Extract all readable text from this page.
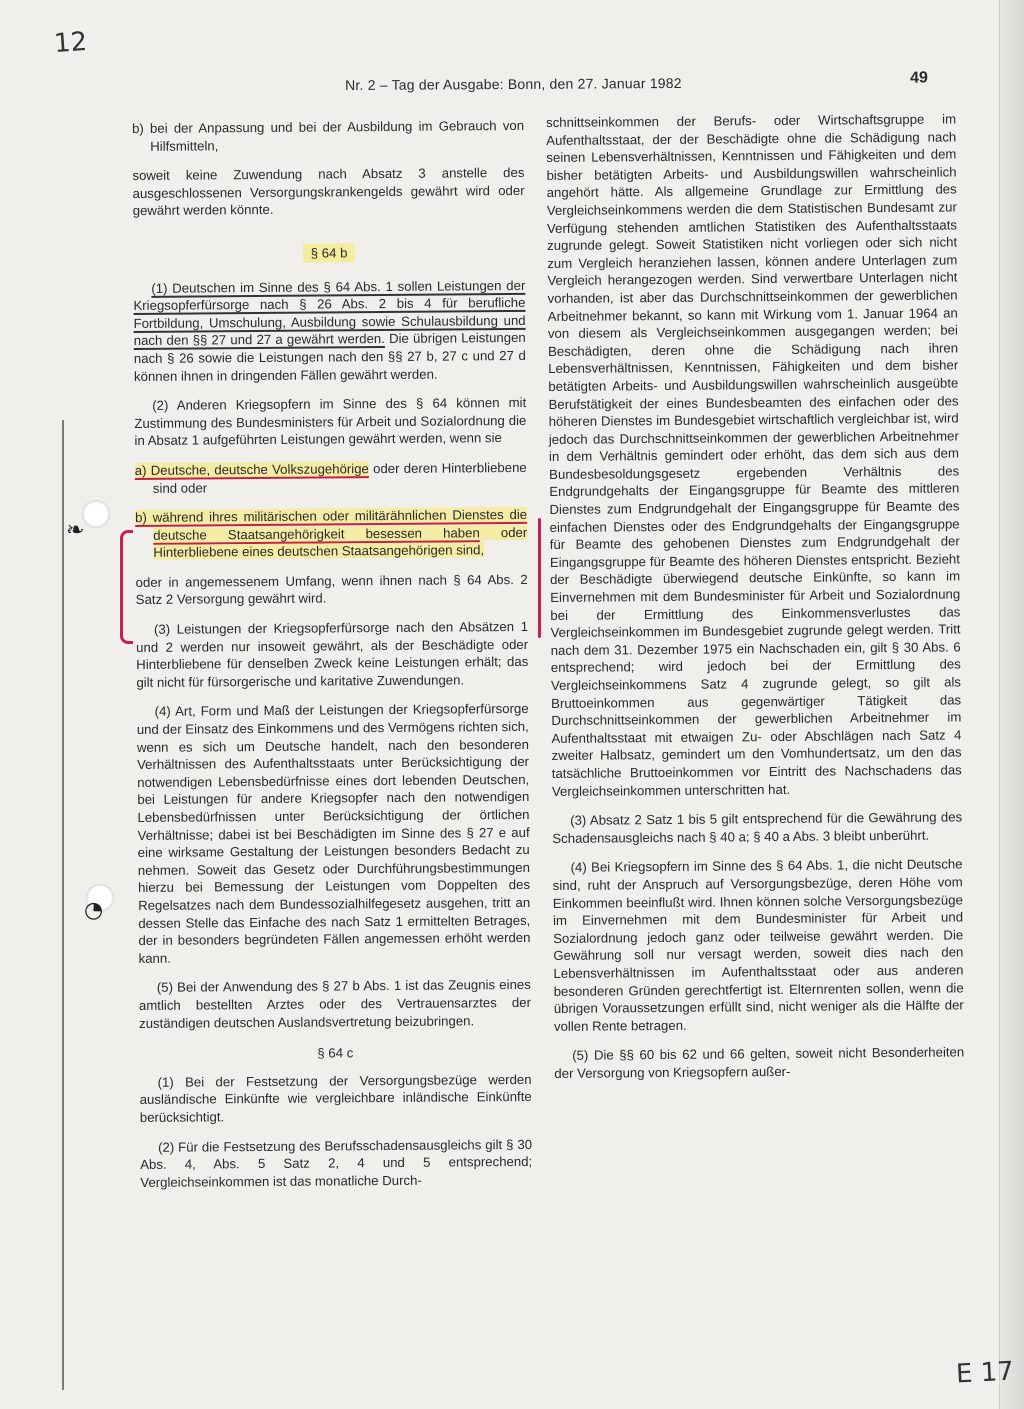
12
E 17
❧
◔
Nr. 2 – Tag der Ausgabe: Bonn, den 27. Januar 1982	49

b) bei der Anpassung und bei der Ausbildung im Gebrauch von Hilfsmitteln,

soweit keine Zuwendung nach Absatz 3 anstelle des ausgeschlossenen Versorgungskrankengelds gewährt wird oder gewährt werden könnte.

§ 64 b

(1) Deutschen im Sinne des § 64 Abs. 1 sollen Leistungen der Kriegsopferfürsorge nach § 26 Abs. 2 bis 4 für berufliche Fortbildung, Umschulung, Ausbildung sowie Schulausbildung und nach den §§ 27 und 27 a gewährt werden. Die übrigen Leistungen nach § 26 sowie die Leistungen nach den §§ 27 b, 27 c und 27 d können ihnen in dringenden Fällen gewährt werden.

(2) Anderen Kriegsopfern im Sinne des § 64 können mit Zustimmung des Bundesministers für Arbeit und Sozialordnung die in Absatz 1 aufgeführten Leistungen gewährt werden, wenn sie

a) Deutsche, deutsche Volkszugehörige oder deren Hinterbliebene sind oder

b) während ihres militärischen oder militärähnlichen Dienstes die deutsche Staatsangehörigkeit besessen haben oder Hinterbliebene eines deutschen Staatsangehörigen sind,

oder in angemessenem Umfang, wenn ihnen nach § 64 Abs. 2 Satz 2 Versorgung gewährt wird.

(3) Leistungen der Kriegsopferfürsorge nach den Absätzen 1 und 2 werden nur insoweit gewährt, als der Beschädigte oder Hinterbliebene für denselben Zweck keine Leistungen erhält; das gilt nicht für fürsorgerische und karitative Zuwendungen.

(4) Art, Form und Maß der Leistungen der Kriegsopferfürsorge und der Einsatz des Einkommens und des Vermögens richten sich, wenn es sich um Deutsche handelt, nach den besonderen Verhältnissen des Aufenthaltsstaats unter Berücksichtigung der notwendigen Lebensbedürfnisse eines dort lebenden Deutschen, bei Leistungen für andere Kriegsopfer nach den notwendigen Lebensbedürfnissen unter Berücksichtigung der örtlichen Verhältnisse; dabei ist bei Beschädigten im Sinne des § 27 e auf eine wirksame Gestaltung der Leistungen besonders Bedacht zu nehmen. Soweit das Gesetz oder Durchführungsbestimmungen hierzu bei Bemessung der Leistungen vom Doppelten des Regelsatzes nach dem Bundessozialhilfegesetz ausgehen, tritt an dessen Stelle das Einfache des nach Satz 1 ermittelten Betrages, der in besonders begründeten Fällen angemessen erhöht werden kann.

(5) Bei der Anwendung des § 27 b Abs. 1 ist das Zeugnis eines amtlich bestellten Arztes oder des Vertrauensarztes der zuständigen deutschen Auslandsvertretung beizubringen.

§ 64 c

(1) Bei der Festsetzung der Versorgungsbezüge werden ausländische Einkünfte wie vergleichbare inländische Einkünfte berücksichtigt.

(2) Für die Festsetzung des Berufsschadensausgleichs gilt § 30 Abs. 4, Abs. 5 Satz 2, 4 und 5 entsprechend; Vergleichseinkommen ist das monatliche Durch-

schnittseinkommen der Berufs- oder Wirtschaftsgruppe im Aufenthaltsstaat, der der Beschädigte ohne die Schädigung nach seinen Lebensverhältnissen, Kenntnissen und Fähigkeiten und dem bisher betätigten Arbeits- und Ausbildungswillen wahrscheinlich angehört hätte. Als allgemeine Grundlage zur Ermittlung des Vergleichseinkommens werden die dem Statistischen Bundesamt zur Verfügung stehenden amtlichen Statistiken des Aufenthaltsstaats zugrunde gelegt. Soweit Statistiken nicht vorliegen oder sich nicht zum Vergleich heranziehen lassen, können andere Unterlagen zum Vergleich herangezogen werden. Sind verwertbare Unterlagen nicht vorhanden, ist aber das Durchschnittseinkommen der gewerblichen Arbeitnehmer bekannt, so kann mit Wirkung vom 1. Januar 1964 an von diesem als Vergleichseinkommen ausgegangen werden; bei Beschädigten, deren ohne die Schädigung nach ihren Lebensverhältnissen, Kenntnissen, Fähigkeiten und dem bisher betätigten Arbeits- und Ausbildungswillen wahrscheinlich ausgeübte Berufstätigkeit der eines Bundesbeamten des einfachen oder des höheren Dienstes im Bundesgebiet wirtschaftlich vergleichbar ist, wird jedoch das Durchschnittseinkommen der gewerblichen Arbeitnehmer in dem Verhältnis gemindert oder erhöht, das dem sich aus dem Bundesbesoldungsgesetz ergebenden Verhältnis des Endgrundgehalts der Eingangsgruppe für Beamte des mittleren Dienstes zum Endgrundgehalt der Eingangsgruppe für Beamte des einfachen Dienstes oder des Endgrundgehalts der Eingangsgruppe für Beamte des gehobenen Dienstes zum Endgrundgehalt der Eingangsgruppe für Beamte des höheren Dienstes entspricht. Bezieht der Beschädigte überwiegend deutsche Einkünfte, so kann im Einvernehmen mit dem Bundesminister für Arbeit und Sozialordnung bei der Ermittlung des Einkommensverlustes das Vergleichseinkommen im Bundesgebiet zugrunde gelegt werden. Tritt nach dem 31. Dezember 1975 ein Nachschaden ein, gilt § 30 Abs. 6 entsprechend; wird jedoch bei der Ermittlung des Vergleichseinkommens Satz 4 zugrunde gelegt, so gilt als Bruttoeinkommen aus gegenwärtiger Tätigkeit das Durchschnittseinkommen der gewerblichen Arbeitnehmer im Aufenthaltsstaat mit etwaigen Zu- oder Abschlägen nach Satz 4 zweiter Halbsatz, gemindert um den Vomhundertsatz, um den das tatsächliche Bruttoeinkommen vor Eintritt des Nachschadens das Vergleichseinkommen unterschritten hat.

(3) Absatz 2 Satz 1 bis 5 gilt entsprechend für die Gewährung des Schadensausgleichs nach § 40 a; § 40 a Abs. 3 bleibt unberührt.

(4) Bei Kriegsopfern im Sinne des § 64 Abs. 1, die nicht Deutsche sind, ruht der Anspruch auf Versorgungsbezüge, deren Höhe vom Einkommen beeinflußt wird. Ihnen können solche Versorgungsbezüge im Einvernehmen mit dem Bundesminister für Arbeit und Sozialordnung jedoch ganz oder teilweise gewährt werden. Die Gewährung soll nur versagt werden, soweit dies nach den Lebensverhältnissen im Aufenthaltsstaat oder aus anderen besonderen Gründen gerechtfertigt ist. Elternrenten sollen, wenn die übrigen Voraussetzungen erfüllt sind, nicht weniger als die Hälfte der vollen Rente betragen.

(5) Die §§ 60 bis 62 und 66 gelten, soweit nicht Besonderheiten der Versorgung von Kriegsopfern außer-
